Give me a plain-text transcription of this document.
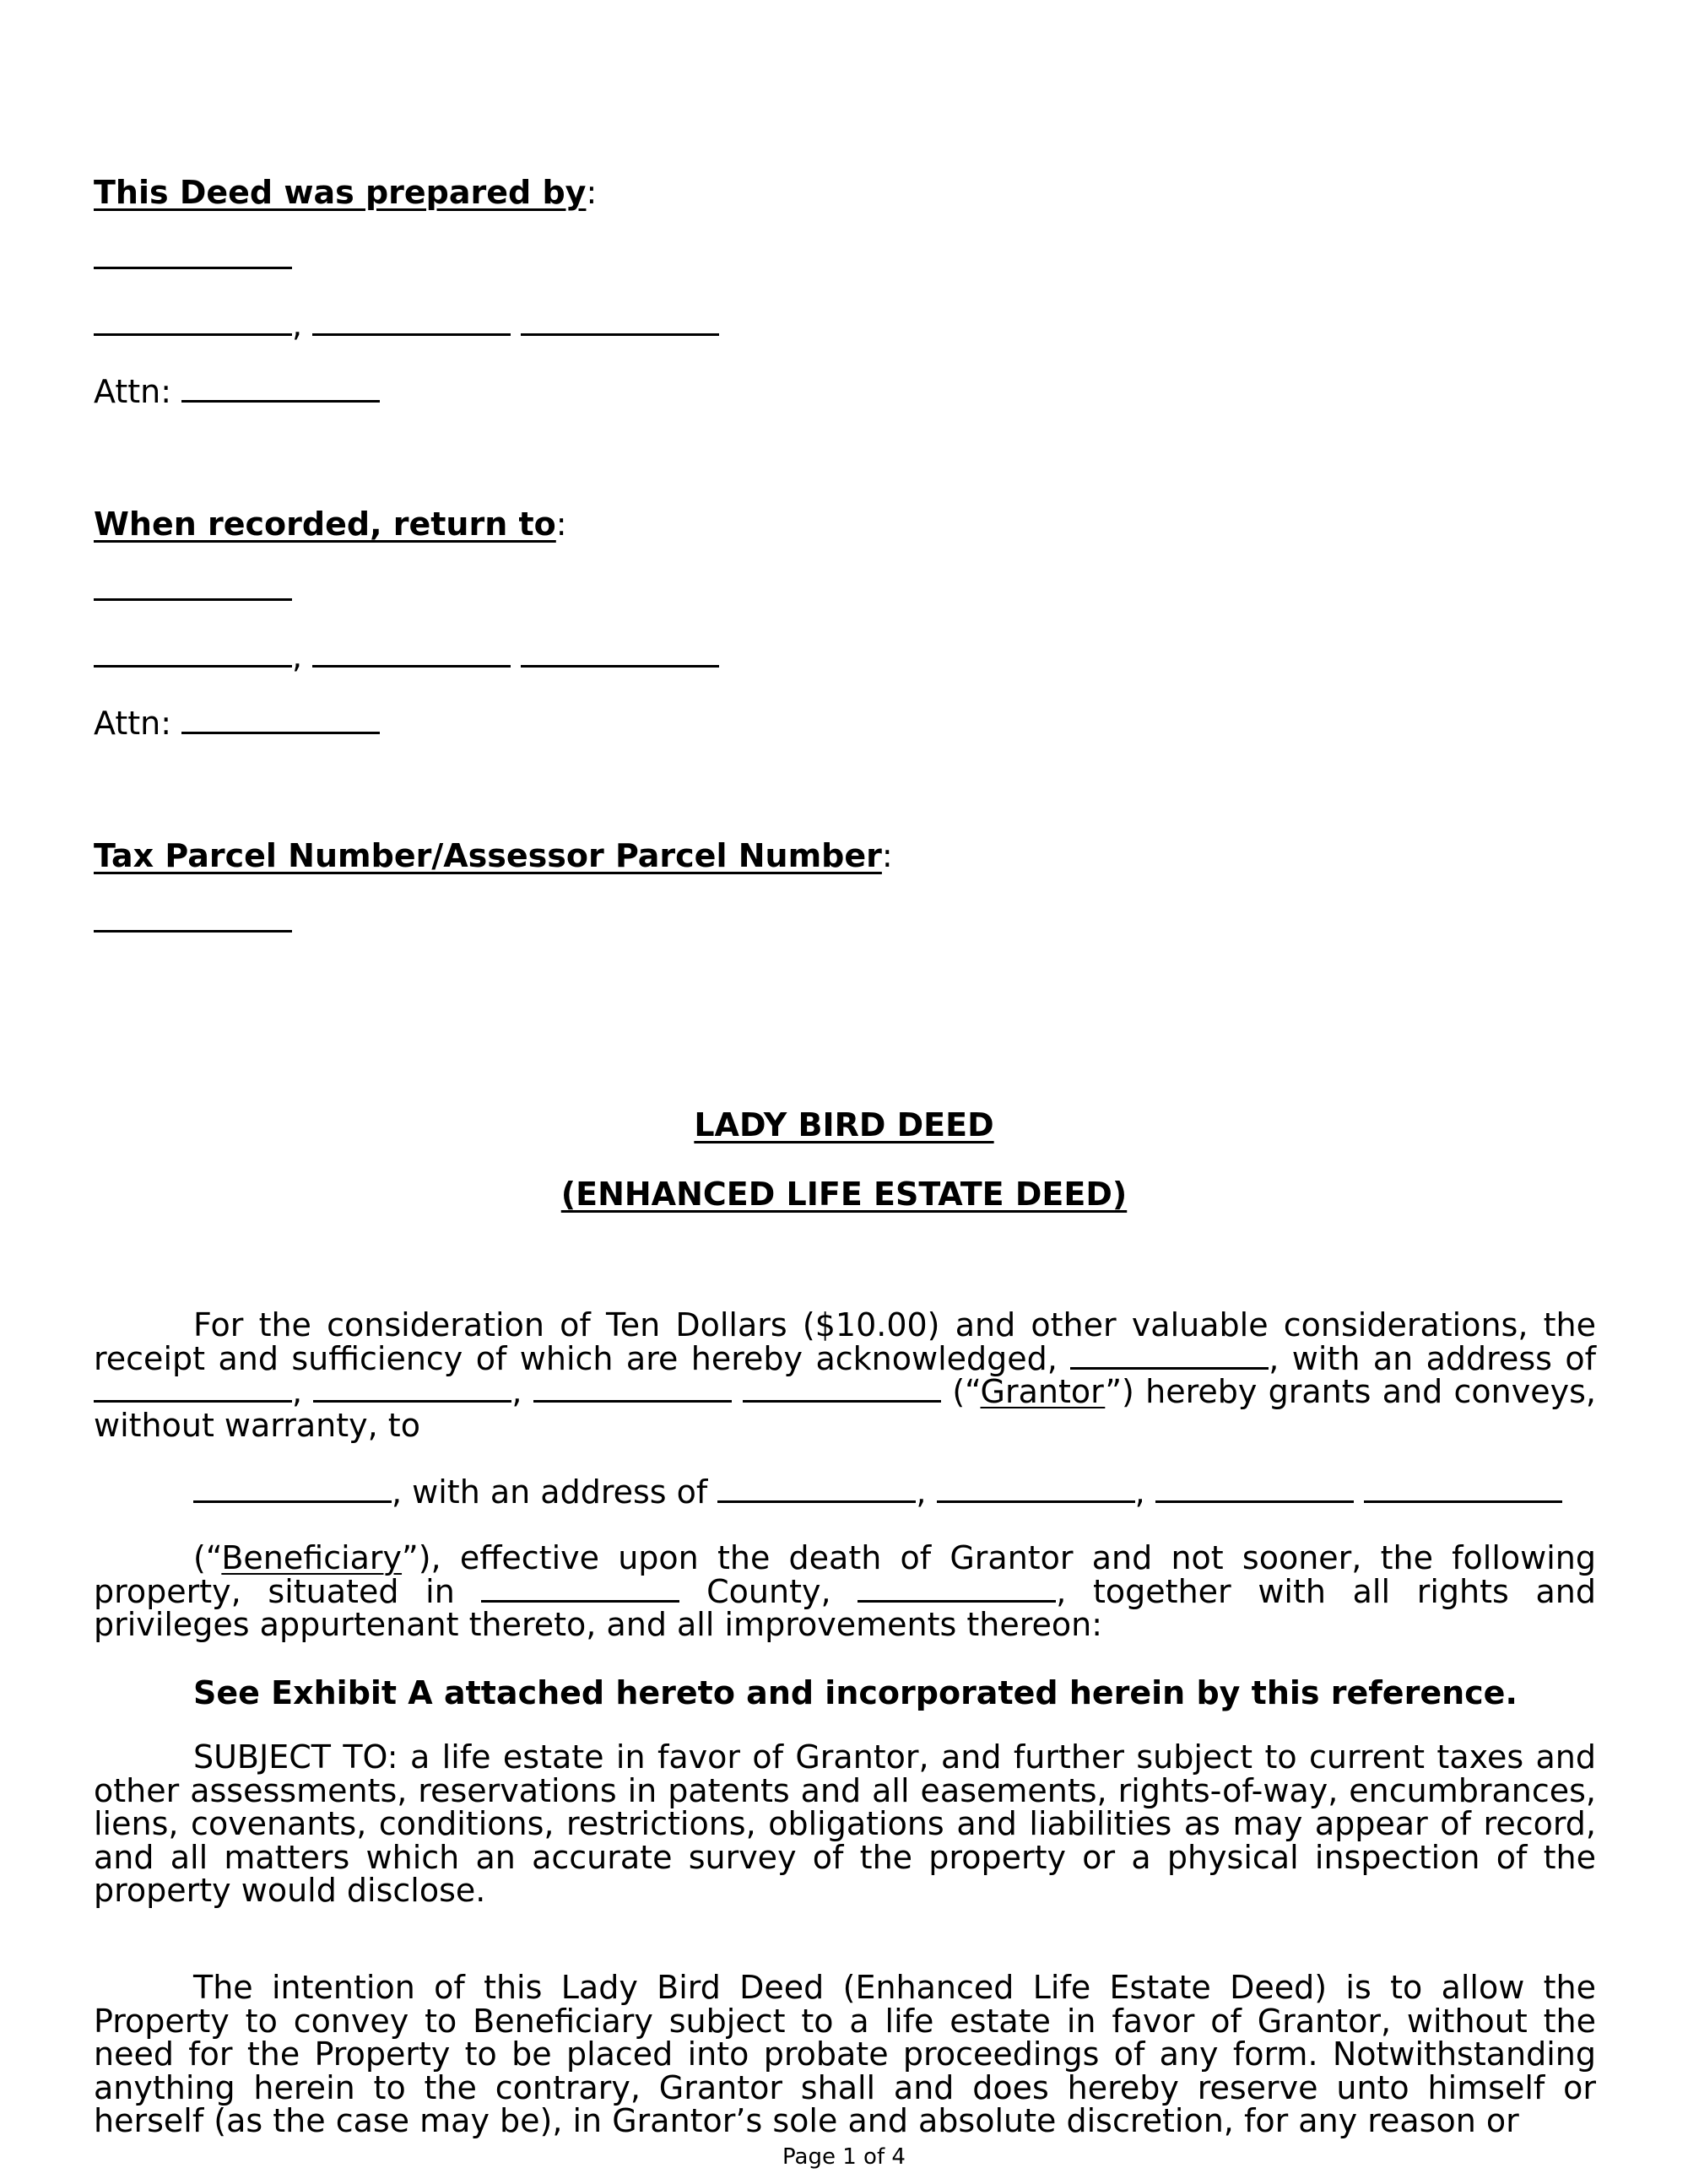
This Deed was prepared by:
,
Attn:
When recorded, return to:
,
Attn:
Tax Parcel Number/Assessor Parcel Number:
LADY BIRD DEED
(ENHANCED LIFE ESTATE DEED)
For the consideration of Ten Dollars ($10.00) and other valuable considerations, the receipt and sufficiency of which are hereby acknowledged,	, with an address of ,	,	(“Grantor”) hereby grants and conveys, without warranty, to
, with an address of	,	,
(“Beneficiary”), effective upon the death of Grantor and not sooner, the following property, situated in	County,	, together with all rights and privileges appurtenant thereto, and all improvements thereon:
See Exhibit A attached hereto and incorporated herein by this reference.
SUBJECT TO: a life estate in favor of Grantor, and further subject to current taxes and other assessments, reservations in patents and all easements, rights-of-way, encumbrances, liens, covenants, conditions, restrictions, obligations and liabilities as may appear of record, and all matters which an accurate survey of the property or a physical inspection of the property would disclose.
The intention of this Lady Bird Deed (Enhanced Life Estate Deed) is to allow the Property to convey to Beneficiary subject to a life estate in favor of Grantor, without the need for the Property to be placed into probate proceedings of any form. Notwithstanding anything herein to the contrary, Grantor shall and does hereby reserve unto himself or herself (as the case may be), in Grantor’s sole and absolute discretion, for any reason or
Page 1 of 4
